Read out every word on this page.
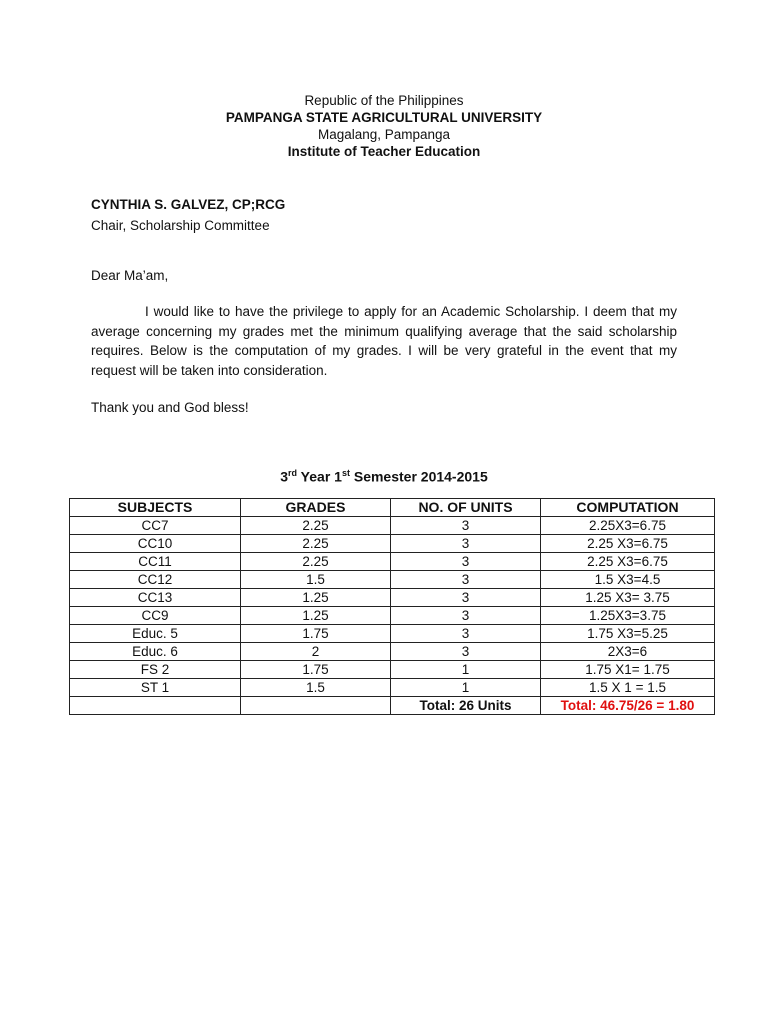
Republic of the Philippines
PAMPANGA STATE AGRICULTURAL UNIVERSITY
Magalang, Pampanga
Institute of Teacher Education
CYNTHIA S. GALVEZ, CP;RCG
Chair, Scholarship Committee
Dear Ma’am,
I would like to have the privilege to apply for an Academic Scholarship. I deem that my average concerning my grades met the minimum qualifying average that the said scholarship requires. Below is the computation of my grades. I will be very grateful in the event that my request will be taken into consideration.
Thank you and God bless!
3rd Year 1st Semester 2014-2015
SUBJECTS	GRADES	NO. OF UNITS	COMPUTATION
CC7	2.25	3	2.25X3=6.75
CC10	2.25	3	2.25 X3=6.75
CC11	2.25	3	2.25 X3=6.75
CC12	1.5	3	1.5 X3=4.5
CC13	1.25	3	1.25 X3= 3.75
CC9	1.25	3	1.25X3=3.75
Educ. 5	1.75	3	1.75 X3=5.25
Educ. 6	2	3	2X3=6
FS 2	1.75	1	1.75 X1= 1.75
ST 1	1.5	1	1.5 X 1 = 1.5
		Total: 26 Units	Total: 46.75/26 = 1.80
